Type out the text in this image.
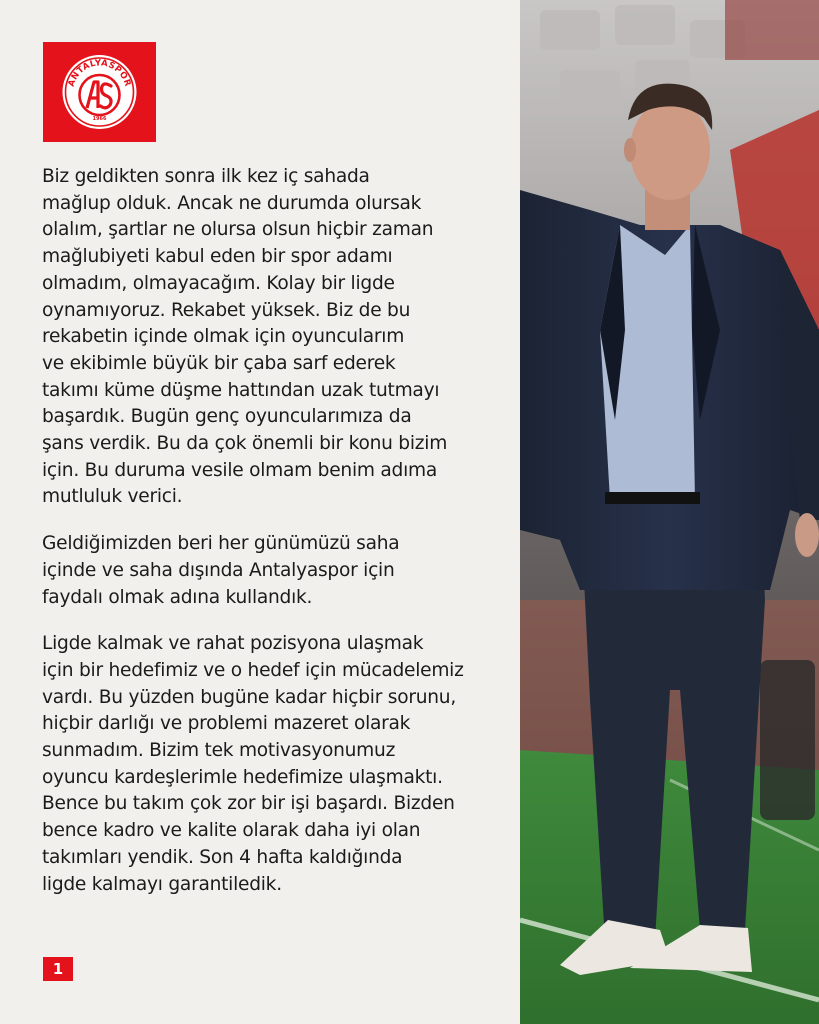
ANTALYASPOR
1966

Biz geldikten sonra ilk kez iç sahada
mağlup olduk. Ancak ne durumda olursak
olalım, şartlar ne olursa olsun hiçbir zaman
mağlubiyeti kabul eden bir spor adamı
olmadım, olmayacağım. Kolay bir ligde
oynamıyoruz. Rekabet yüksek. Biz de bu
rekabetin içinde olmak için oyuncularım
ve ekibimle büyük bir çaba sarf ederek
takımı küme düşme hattından uzak tutmayı
başardık. Bugün genç oyuncularımıza da
şans verdik. Bu da çok önemli bir konu bizim
için. Bu duruma vesile olmam benim adıma
mutluluk verici.

Geldiğimizden beri her günümüzü saha
içinde ve saha dışında Antalyaspor için
faydalı olmak adına kullandık.

Ligde kalmak ve rahat pozisyona ulaşmak
için bir hedefimiz ve o hedef için mücadelemiz
vardı. Bu yüzden bugüne kadar hiçbir sorunu,
hiçbir darlığı ve problemi mazeret olarak
sunmadım. Bizim tek motivasyonumuz
oyuncu kardeşlerimle hedefimize ulaşmaktı.
Bence bu takım çok zor bir işi başardı. Bizden
bence kadro ve kalite olarak daha iyi olan
takımları yendik. Son 4 hafta kaldığında
ligde kalmayı garantiledik.

1
